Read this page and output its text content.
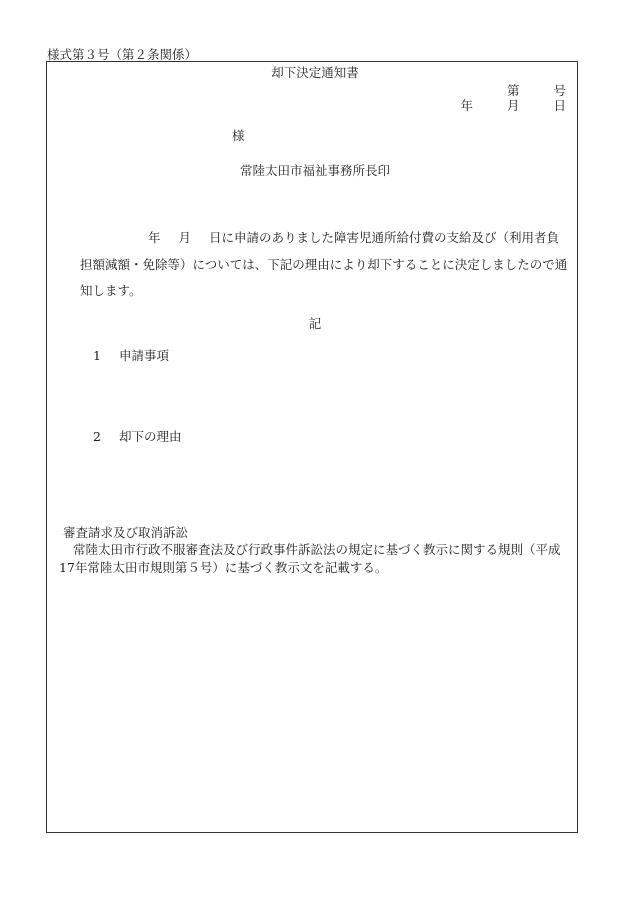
様式第３号（第２条関係）
却下決定通知書
第	号
年	月	日
様
常陸太田市福祉事務所長印
年 月 日に申請のありました障害児通所給付費の支給及び（利用者負担額減額・免除等）については、下記の理由により却下することに決定しましたので通知します。
記
1 申請事項
2 却下の理由
審査請求及び取消訴訟
常陸太田市行政不服審査法及び行政事件訴訟法の規定に基づく教示に関する規則（平成17年常陸太田市規則第５号）に基づく教示文を記載する。
